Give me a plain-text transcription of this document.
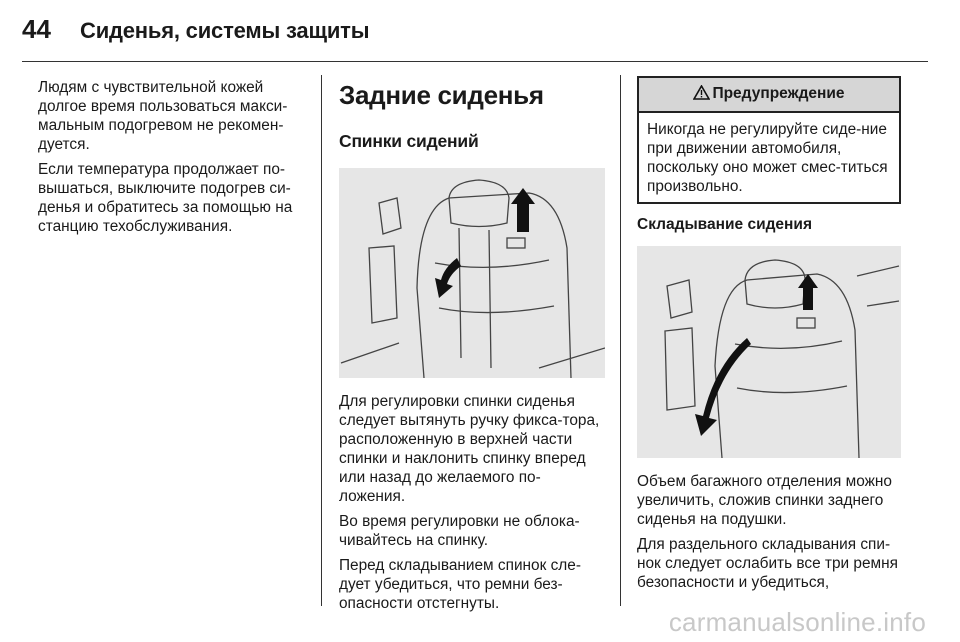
44	Сиденья, системы защиты

Людям с чувствительной кожей долгое время пользоваться макси-мальным подогревом не рекомен-дуется.

Если температура продолжает по-вышаться, выключите подогрев си-денья и обратитесь за помощью на станцию техобслуживания.

Задние сиденья
Спинки сидений

Для регулировки спинки сиденья следует вытянуть ручку фикса-тора, расположенную в верхней части спинки и наклонить спинку вперед или назад до желаемого по-ложения.

Во время регулировки не облока-чивайтесь на спинку.

Перед складыванием спинок сле-дует убедиться, что ремни без-опасности отстегнуты.

Предупреждение

Никогда не регулируйте сиде-ние при движении автомобиля, поскольку оно может смес-титься произвольно.

Складывание сидения

Объем багажного отделения можно увеличить, сложив спинки заднего сиденья на подушки.

Для раздельного складывания спи-нок следует ослабить все три ремня безопасности и убедиться,

carmanualsonline.info
